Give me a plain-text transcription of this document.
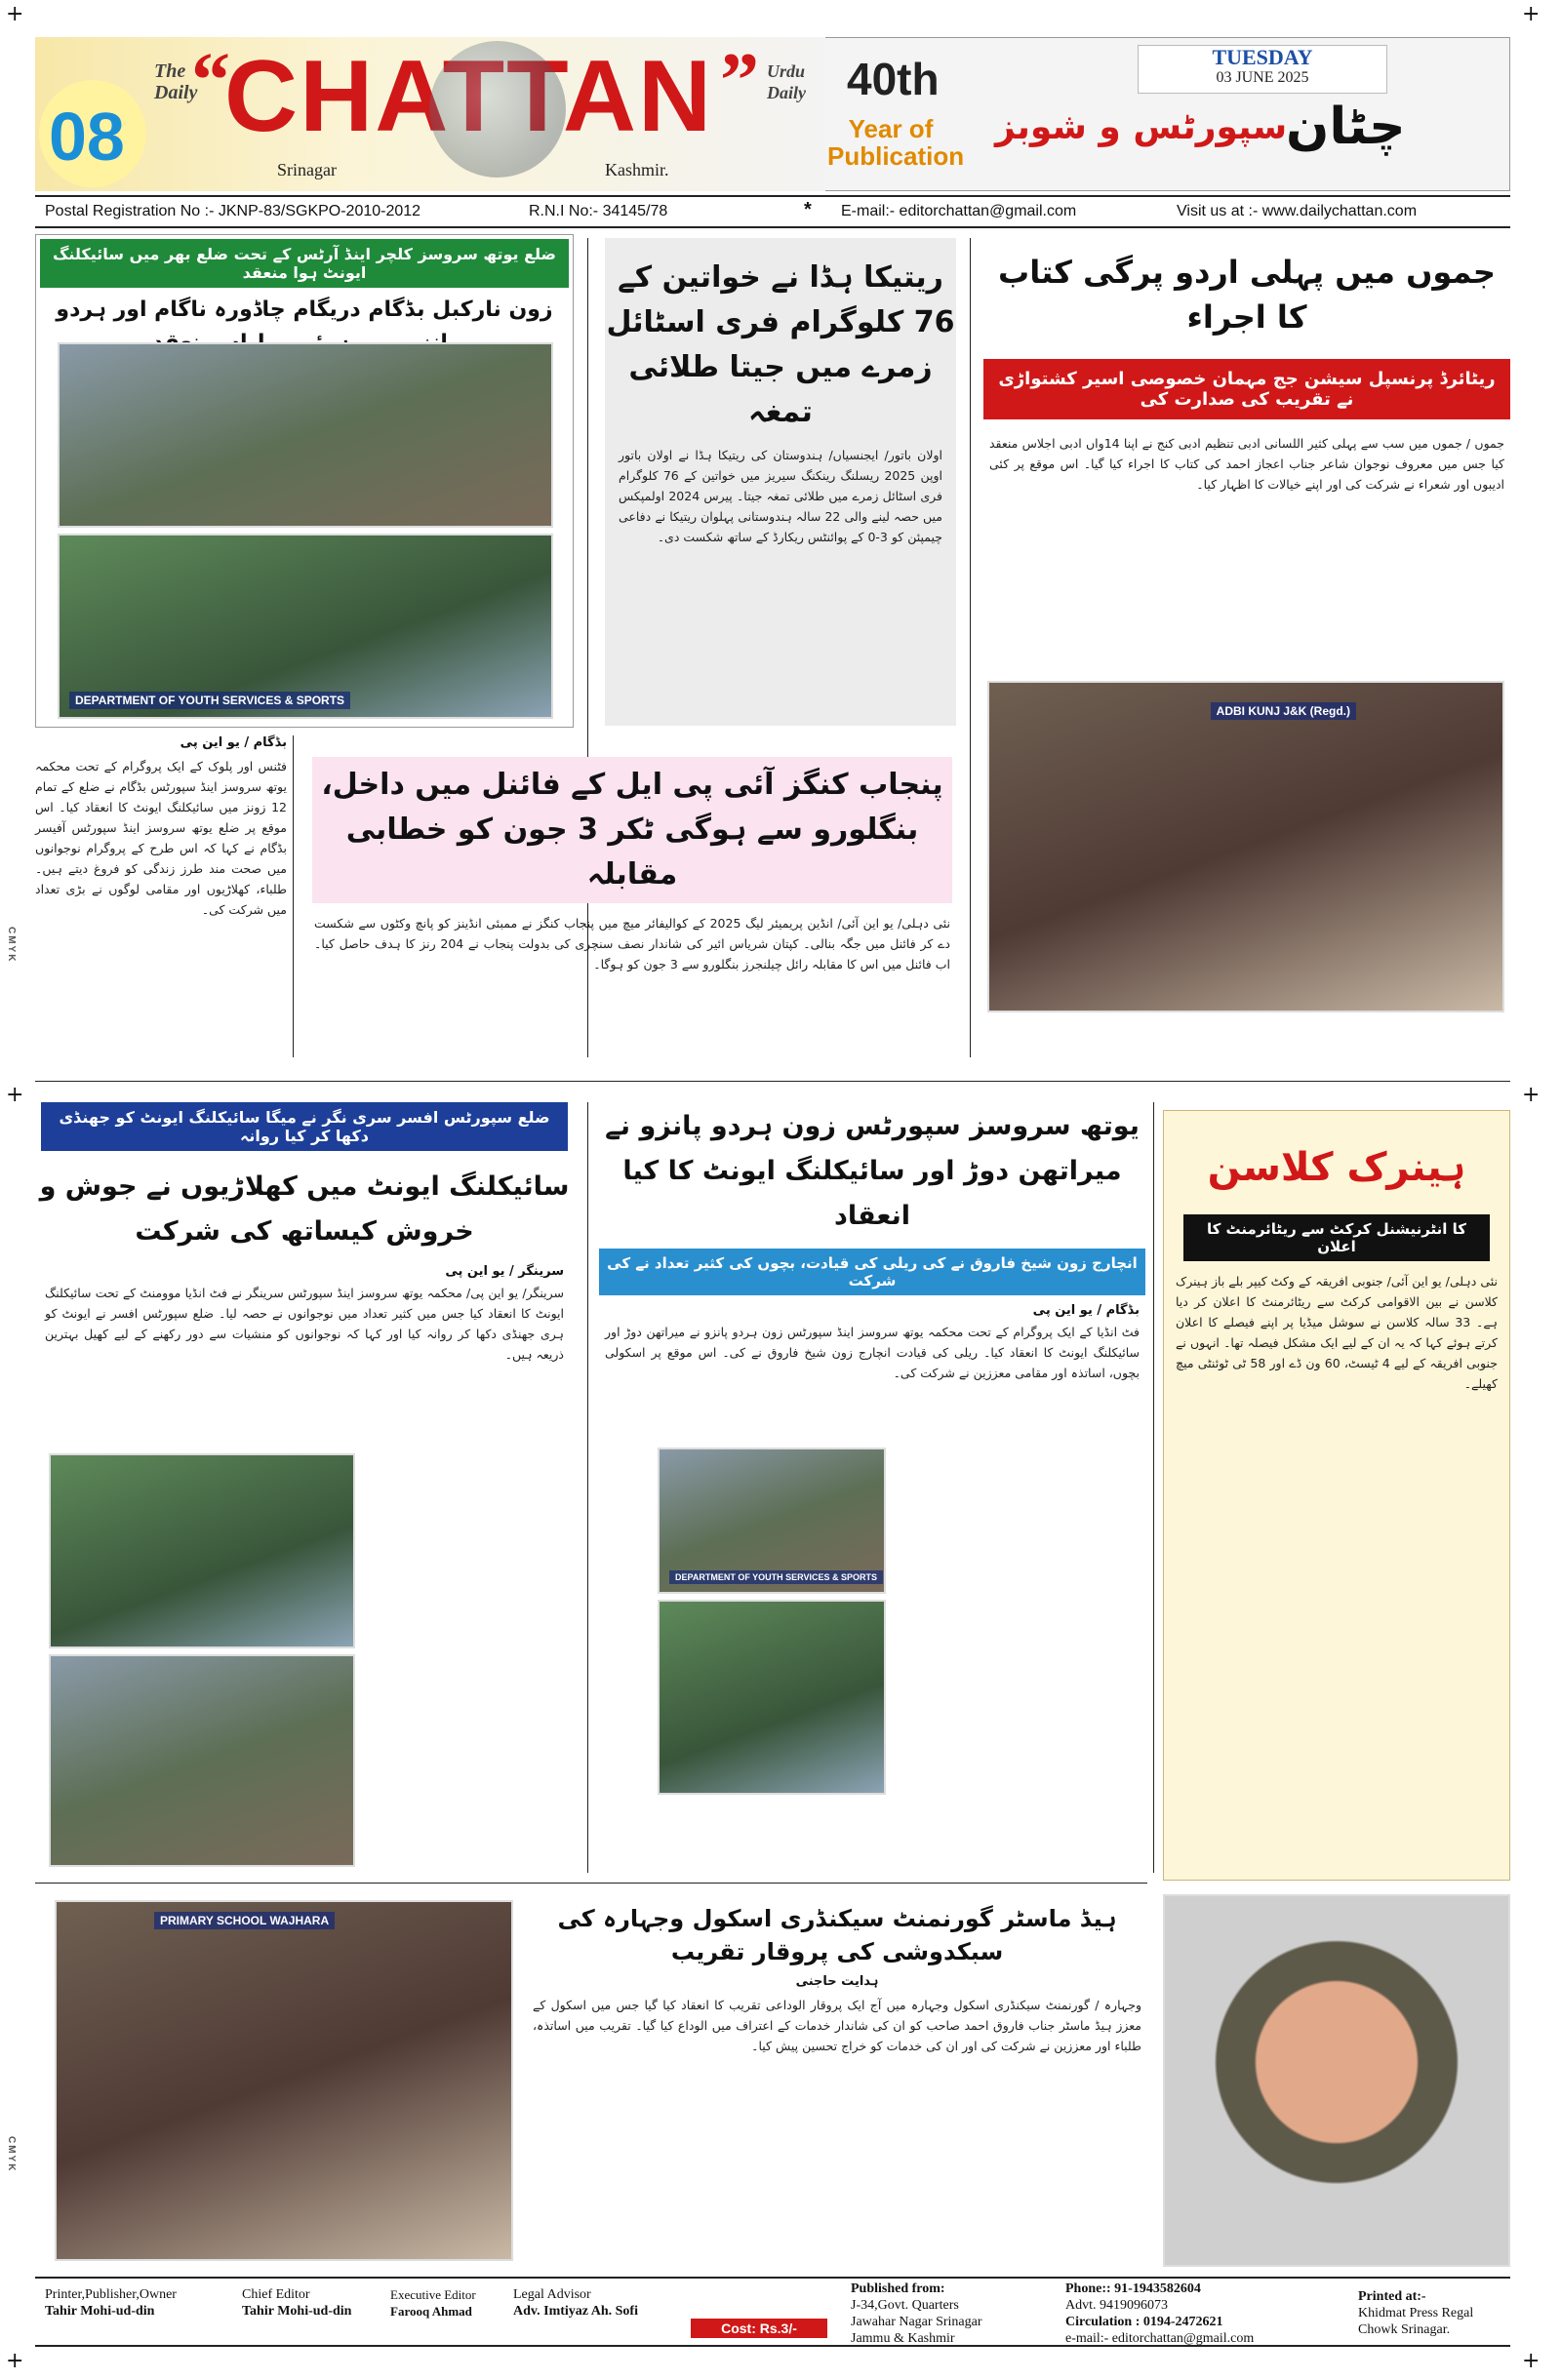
+	+
+	+
+	+
CMYK
CMYK
08
The Daily
“
CHATTAN ” Urdu Daily
Srinagar	Kashmir.
40th
Year of Publication
TUESDAY
03 JUNE 2025
سپورٹس و شوبز
چٹان
Postal Registration No :- JKNP-83/SGKPO-2010-2012	R.N.I No:- 34145/78	* E-mail:- editorchattan@gmail.com	Visit us at :- www.dailychattan.com
ضلع یوتھ سروسز کلچر اینڈ آرٹس کے تحت ضلع بھر میں سائیکلنگ ایونٹ ہوا منعقد
زون نارکبل بڈگام دریگام چاڈورہ ناگام اور ہردو
DEPARTMENT OF YOUTH SERVICES & SPORTS
ریتیکا ہڈا نے خواتین کے
76 کلوگرام فری اسٹائل
زمرے میں جیتا طلائی تمغہ
اولان باتور/ ایجنسیاں/ ہندوستان کی ریتیکا ہڈا نے اولان باتور اوپن 2025 ریسلنگ رینکنگ سیریز میں خواتین کے 76 کلوگرام فری اسٹائل زمرے میں طلائی تمغہ جیتا۔ پیرس 2024 اولمپکس میں حصہ لینے والی 22 سالہ ہندوستانی پہلوان ریتیکا نے دفاعی چیمپئن کو 3-0 کے پوائنٹس ریکارڈ کے ساتھ شکست دی۔
جموں میں پہلی اردو پرگی کتاب کا اجراء
ریٹائرڈ پرنسپل سیشن جج مہمان خصوصی اسیر کشتواڑی نے تقریب کی صدارت کی
جموں / جموں میں سب سے پہلی کثیر اللسانی ادبی تنظیم ادبی کنج نے اپنا 14واں ادبی اجلاس منعقد کیا جس میں معروف نوجوان شاعر جناب اعجاز احمد کی کتاب کا اجراء کیا گیا۔ اس موقع پر کئی ادیبوں اور شعراء نے شرکت کی اور اپنے خیالات کا اظہار کیا۔
ADBI KUNJ J&K (Regd.)
بڈگام / یو این پی
فٹنس اور پلوک کے ایک پروگرام کے تحت محکمہ یوتھ سروسز اینڈ سپورٹس بڈگام نے ضلع کے تمام 12 زونز میں سائیکلنگ ایونٹ کا انعقاد کیا۔ اس موقع پر ضلع یوتھ سروسز اینڈ سپورٹس آفیسر بڈگام نے کہا کہ اس طرح کے پروگرام نوجوانوں میں صحت مند طرز زندگی کو فروغ دیتے ہیں۔ طلباء، کھلاڑیوں اور مقامی لوگوں نے بڑی تعداد میں شرکت کی۔
پنجاب کنگز آئی پی ایل کے فائنل میں داخل،
بنگلورو سے ہوگی ٹکر 3 جون کو خطابی مقابلہ
نئی دہلی/ یو این آئی/ انڈین پریمیئر لیگ 2025 کے کوالیفائر میچ میں پنجاب کنگز نے ممبئی انڈینز کو پانچ وکٹوں سے شکست دے کر فائنل میں جگہ بنالی۔ کپتان شریاس ائیر کی شاندار نصف سنچری کی بدولت پنجاب نے 204 رنز کا ہدف حاصل کیا۔ اب فائنل میں اس کا مقابلہ رائل چیلنجرز بنگلورو سے 3 جون کو ہوگا۔
ضلع سپورٹس افسر سری نگر نے میگا سائیکلنگ ایونٹ کو جھنڈی دکھا کر کیا روانہ
سائیکلنگ ایونٹ میں کھلاڑیوں نے جوش و خروش کیساتھ کی شرکت
سرینگر / یو این پی
سرینگر/ یو این پی/ محکمہ یوتھ سروسز اینڈ سپورٹس سرینگر نے فٹ انڈیا موومنٹ کے تحت سائیکلنگ ایونٹ کا انعقاد کیا جس میں کثیر تعداد میں نوجوانوں نے حصہ لیا۔ ضلع سپورٹس افسر نے ایونٹ کو ہری جھنڈی دکھا کر روانہ کیا اور کہا کہ نوجوانوں کو منشیات سے دور رکھنے کے لیے کھیل بہترین ذریعہ ہیں۔
یوتھ سروسز سپورٹس زون ہردو پانزو نے
میراتھن دوڑ اور سائیکلنگ ایونٹ کا کیا انعقاد
انچارج زون شیخ فاروق نے کی ریلی کی قیادت، بچوں کی کثیر تعداد نے کی شرکت
بڈگام / یو این پی
فٹ انڈیا کے ایک پروگرام کے تحت محکمہ یوتھ سروسز اینڈ سپورٹس زون ہردو پانزو نے میراتھن دوڑ اور سائیکلنگ ایونٹ کا انعقاد کیا۔ ریلی کی قیادت انچارج زون شیخ فاروق نے کی۔ اس موقع پر اسکولی بچوں، اساتذہ اور مقامی معززین نے شرکت کی۔
DEPARTMENT OF YOUTH SERVICES & SPORTS
ہینرک کلاسن
کا انٹرنیشنل کرکٹ سے ریٹائرمنٹ کا اعلان
نئی دہلی/ یو این آئی/ جنوبی افریقہ کے وکٹ کیپر بلے باز ہینرک کلاسن نے بین الاقوامی کرکٹ سے ریٹائرمنٹ کا اعلان کر دیا ہے۔ 33 سالہ کلاسن نے سوشل میڈیا پر اپنے فیصلے کا اعلان کرتے ہوئے کہا کہ یہ ان کے لیے ایک مشکل فیصلہ تھا۔ انہوں نے جنوبی افریقہ کے لیے 4 ٹیسٹ، 60 ون ڈے اور 58 ٹی ٹوئنٹی میچ کھیلے۔
PRIMARY SCHOOL WAJHARA	ہیڈ ماسٹر گورنمنٹ سیکنڈری اسکول وجہارہ کی سبکدوشی کی پروقار تقریب
ہدایت حاجنی
وجہارہ / گورنمنٹ سیکنڈری اسکول وجہارہ میں آج ایک پروقار الوداعی تقریب کا انعقاد کیا گیا جس میں اسکول کے معزز ہیڈ ماسٹر جناب فاروق احمد صاحب کو ان کی شاندار خدمات کے اعتراف میں الوداع کیا گیا۔ تقریب میں اساتذہ، طلباء اور معززین نے شرکت کی اور ان کی خدمات کو خراج تحسین پیش کیا۔
Printer,Publisher,Owner
Tahir Mohi-ud-din
Chief Editor
Tahir Mohi-ud-din
Executive Editor
Farooq Ahmad
Legal Advisor
Adv. Imtiyaz Ah. Sofi
Published from:
J-34,Govt. Quarters
Jawahar Nagar Srinagar
Jammu & Kashmir
Phone:: 91-1943582604
Advt. 9419096073
Circulation : 0194-2472621
e-mail:- editorchattan@gmail.com
Printed at:-
Khidmat Press Regal
Chowk Srinagar.
Cost: Rs.3/-
